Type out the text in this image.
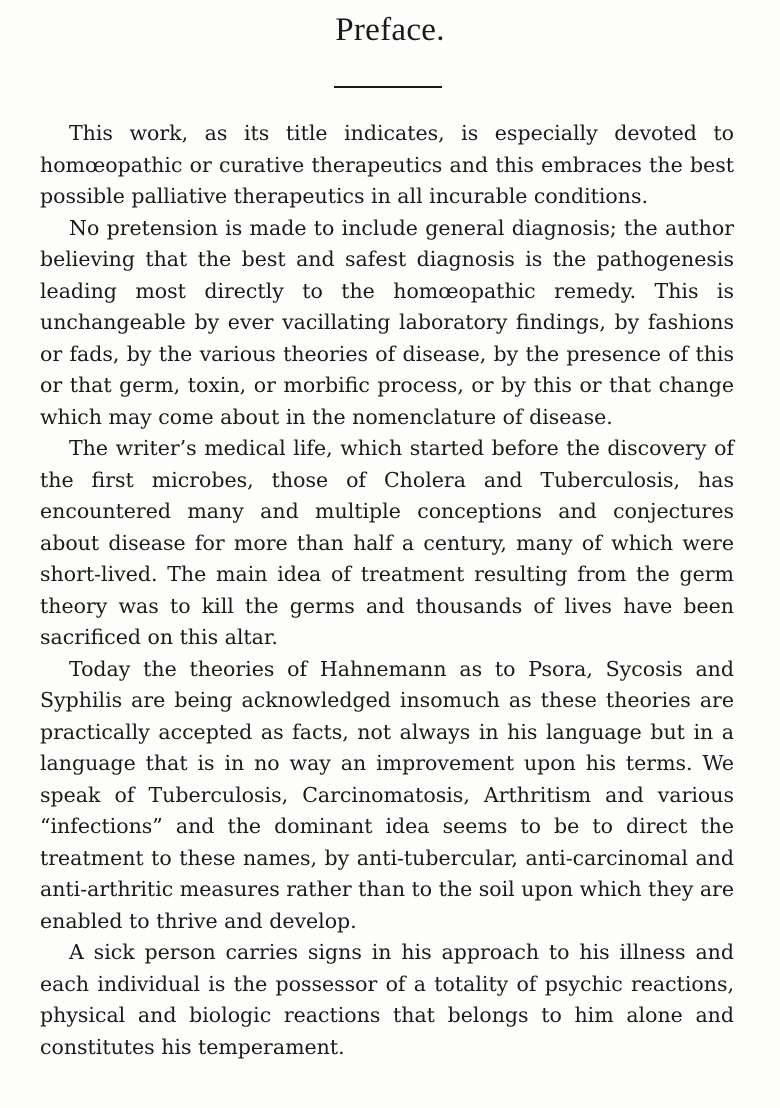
Preface.

This work, as its title indicates, is especially devoted to homœopathic or curative therapeutics and this embraces the best possible palliative therapeutics in all incurable conditions.

No pretension is made to include general diagnosis; the author believing that the best and safest diagnosis is the pathogenesis leading most directly to the homœopathic remedy. This is unchangeable by ever vacillating laboratory findings, by fashions or fads, by the various theories of disease, by the presence of this or that germ, toxin, or morbific process, or by this or that change which may come about in the nomenclature of disease.

The writer’s medical life, which started before the discovery of the first microbes, those of Cholera and Tuberculosis, has encountered many and multiple conceptions and conjectures about disease for more than half a century, many of which were short-lived. The main idea of treatment resulting from the germ theory was to kill the germs and thousands of lives have been sacrificed on this altar.

Today the theories of Hahnemann as to Psora, Sycosis and Syphilis are being acknowledged insomuch as these theories are practically accepted as facts, not always in his language but in a language that is in no way an improvement upon his terms. We speak of Tuberculosis, Carcinomatosis, Arthritism and various “infections” and the dominant idea seems to be to direct the treatment to these names, by anti-tubercular, anti-carcinomal and anti-arthritic measures rather than to the soil upon which they are enabled to thrive and develop.

A sick person carries signs in his approach to his illness and each individual is the possessor of a totality of psychic reactions, physical and biologic reactions that belongs to him alone and constitutes his temperament.
